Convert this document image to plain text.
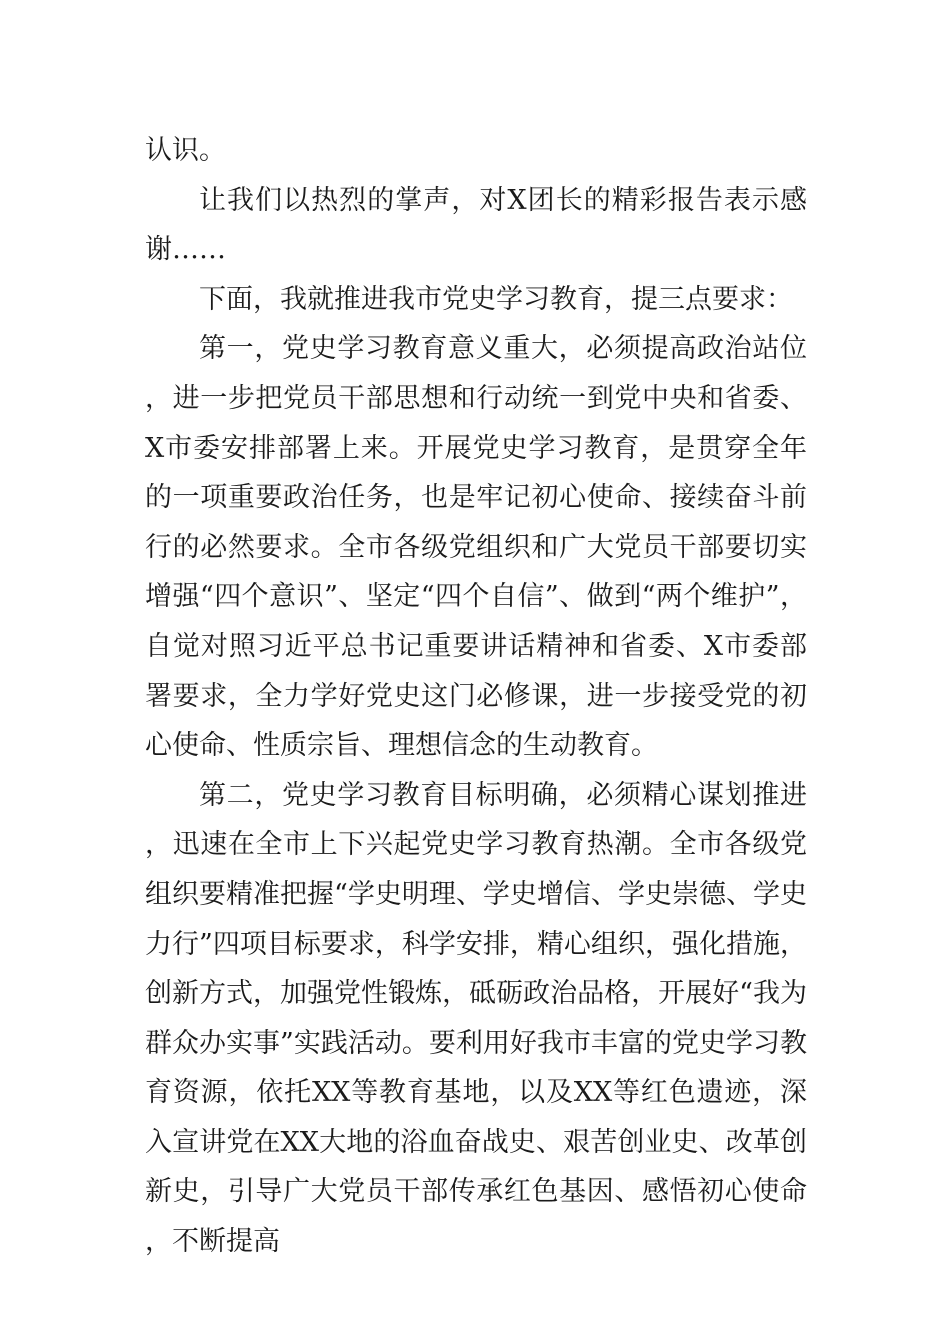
认识。

让我们以热烈的掌声，对X团长的精彩报告表示感谢……

下面，我就推进我市党史学习教育，提三点要求：

第一，党史学习教育意义重大，必须提高政治站位，进一步把党员干部思想和行动统一到党中央和省委、X市委安排部署上来。开展党史学习教育，是贯穿全年的一项重要政治任务，也是牢记初心使命、接续奋斗前行的必然要求。全市各级党组织和广大党员干部要切实增强“四个意识”、坚定“四个自信”、做到“两个维护”，自觉对照习近平总书记重要讲话精神和省委、X市委部署要求，全力学好党史这门必修课，进一步接受党的初心使命、性质宗旨、理想信念的生动教育。

第二，党史学习教育目标明确，必须精心谋划推进，迅速在全市上下兴起党史学习教育热潮。全市各级党组织要精准把握“学史明理、学史增信、学史崇德、学史力行”四项目标要求，科学安排，精心组织，强化措施，创新方式，加强党性锻炼，砥砺政治品格，开展好“我为群众办实事”实践活动。要利用好我市丰富的党史学习教育资源，依托XX等教育基地，以及XX等红色遗迹，深入宣讲党在XX大地的浴血奋战史、艰苦创业史、改革创新史，引导广大党员干部传承红色基因、感悟初心使命，不断提高
